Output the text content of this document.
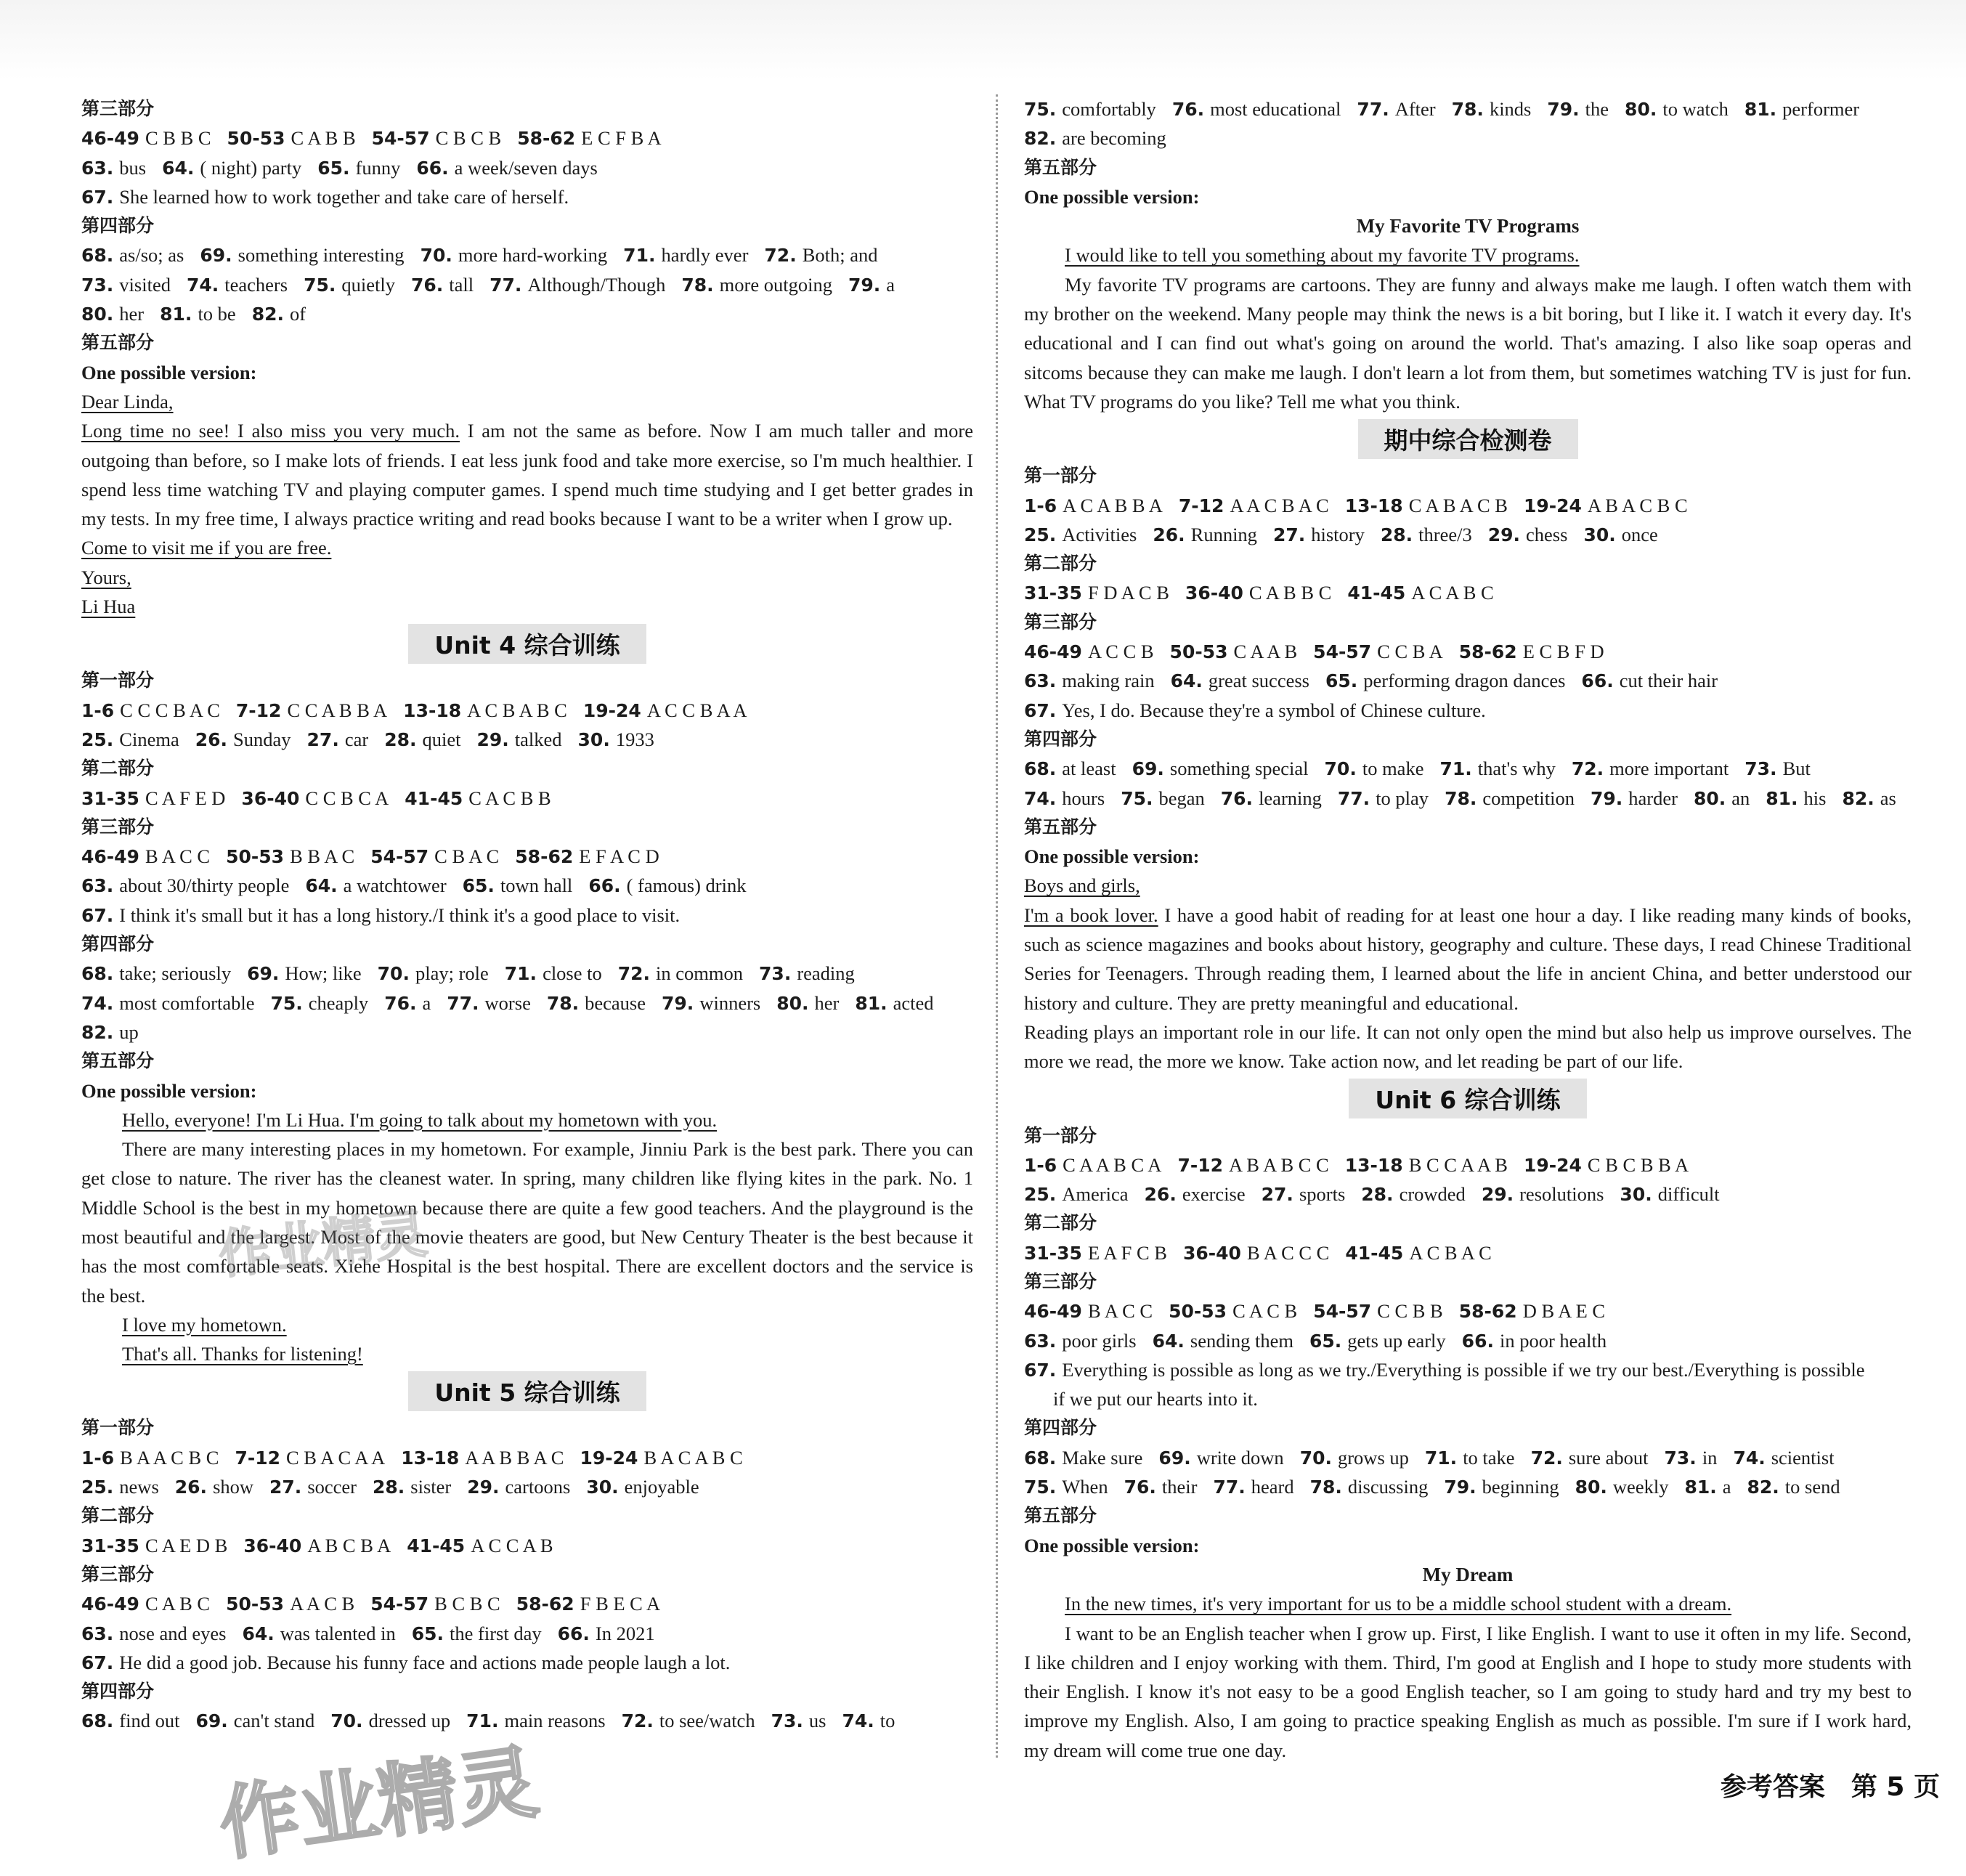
第三部分
46-49 C B B C 50-53 C A B B 54-57 C B C B 58-62 E C F B A
63. bus 64. ( night) party 65. funny 66. a week/seven days
67. She learned how to work together and take care of herself.
第四部分
68. as/so; as 69. something interesting 70. more hard-working 71. hardly ever 72. Both; and
73. visited 74. teachers 75. quietly 76. tall 77. Although/Though 78. more outgoing 79. a
80. her 81. to be 82. of
第五部分
One possible version:
Dear Linda,

Long time no see! I also miss you very much. I am not the same as before. Now I am much taller and more outgoing than before, so I make lots of friends. I eat less junk food and take more exercise, so I'm much healthier. I spend less time watching TV and playing computer games. I spend much time studying and I get better grades in my tests. In my free time, I always practice writing and read books because I want to be a writer when I grow up.

Come to visit me if you are free.
Yours,
Li Hua
Unit 4 综合训练
第一部分
1-6 C C C B A C 7-12 C C A B B A 13-18 A C B A B C 19-24 A C C B A A
25. Cinema 26. Sunday 27. car 28. quiet 29. talked 30. 1933
第二部分
31-35 C A F E D 36-40 C C B C A 41-45 C A C B B
第三部分
46-49 B A C C 50-53 B B A C 54-57 C B A C 58-62 E F A C D
63. about 30/thirty people 64. a watchtower 65. town hall 66. ( famous) drink
67. I think it's small but it has a long history./I think it's a good place to visit.
第四部分
68. take; seriously 69. How; like 70. play; role 71. close to 72. in common 73. reading
74. most comfortable 75. cheaply 76. a 77. worse 78. because 79. winners 80. her 81. acted
82. up
第五部分
One possible version:

Hello, everyone! I'm Li Hua. I'm going to talk about my hometown with you.

There are many interesting places in my hometown. For example, Jinniu Park is the best park. There you can get close to nature. The river has the cleanest water. In spring, many children like flying kites in the park. No. 1 Middle School is the best in my hometown because there are quite a few good teachers. And the playground is the most beautiful and the largest. Most of the movie theaters are good, but New Century Theater is the best because it has the most comfortable seats. Xiehe Hospital is the best hospital. There are excellent doctors and the service is the best.

I love my hometown.

That's all. Thanks for listening!

Unit 5 综合训练
第一部分
1-6 B A A C B C 7-12 C B A C A A 13-18 A A B B A C 19-24 B A C A B C
25. news 26. show 27. soccer 28. sister 29. cartoons 30. enjoyable
第二部分
31-35 C A E D B 36-40 A B C B A 41-45 A C C A B
第三部分
46-49 C A B C 50-53 A A C B 54-57 B C B C 58-62 F B E C A
63. nose and eyes 64. was talented in 65. the first day 66. In 2021
67. He did a good job. Because his funny face and actions made people laugh a lot.
第四部分
68. find out 69. can't stand 70. dressed up 71. main reasons 72. to see/watch 73. us 74. to
75. comfortably 76. most educational 77. After 78. kinds 79. the 80. to watch 81. performer
82. are becoming
第五部分
One possible version:
My Favorite TV Programs

I would like to tell you something about my favorite TV programs.

My favorite TV programs are cartoons. They are funny and always make me laugh. I often watch them with my brother on the weekend. Many people may think the news is a bit boring, but I like it. I watch it every day. It's educational and I can find out what's going on around the world. That's amazing. I also like soap operas and sitcoms because they can make me laugh. I don't learn a lot from them, but sometimes watching TV is just for fun. What TV programs do you like? Tell me what you think.

期中综合检测卷
第一部分
1-6 A C A B B A 7-12 A A C B A C 13-18 C A B A C B 19-24 A B A C B C
25. Activities 26. Running 27. history 28. three/3 29. chess 30. once
第二部分
31-35 F D A C B 36-40 C A B B C 41-45 A C A B C
第三部分
46-49 A C C B 50-53 C A A B 54-57 C C B A 58-62 E C B F D
63. making rain 64. great success 65. performing dragon dances 66. cut their hair
67. Yes, I do. Because they're a symbol of Chinese culture.
第四部分
68. at least 69. something special 70. to make 71. that's why 72. more important 73. But
74. hours 75. began 76. learning 77. to play 78. competition 79. harder 80. an 81. his 82. as
第五部分
One possible version:
Boys and girls,

I'm a book lover. I have a good habit of reading for at least one hour a day. I like reading many kinds of books, such as science magazines and books about history, geography and culture. These days, I read Chinese Traditional Series for Teenagers. Through reading them, I learned about the life in ancient China, and better understood our history and culture. They are pretty meaningful and educational.

Reading plays an important role in our life. It can not only open the mind but also help us improve ourselves. The more we read, the more we know. Take action now, and let reading be part of our life.

Unit 6 综合训练
第一部分
1-6 C A A B C A 7-12 A B A B C C 13-18 B C C A A B 19-24 C B C B B A
25. America 26. exercise 27. sports 28. crowded 29. resolutions 30. difficult
第二部分
31-35 E A F C B 36-40 B A C C C 41-45 A C B A C
第三部分
46-49 B A C C 50-53 C A C B 54-57 C C B B 58-62 D B A E C
63. poor girls 64. sending them 65. gets up early 66. in poor health
67. Everything is possible as long as we try./Everything is possible if we try our best./Everything is possible
if we put our hearts into it.
第四部分
68. Make sure 69. write down 70. grows up 71. to take 72. sure about 73. in 74. scientist
75. When 76. their 77. heard 78. discussing 79. beginning 80. weekly 81. a 82. to send
第五部分
One possible version:
My Dream

In the new times, it's very important for us to be a middle school student with a dream.

I want to be an English teacher when I grow up. First, I like English. I want to use it often in my life. Second, I like children and I enjoy working with them. Third, I'm good at English and I hope to study more students with their English. I know it's not easy to be a good English teacher, so I am going to study hard and try my best to improve my English. Also, I am going to practice speaking English as much as possible. I'm sure if I work hard, my dream will come true one day.

参考答案　第 5 页
作业精灵
作业精灵
